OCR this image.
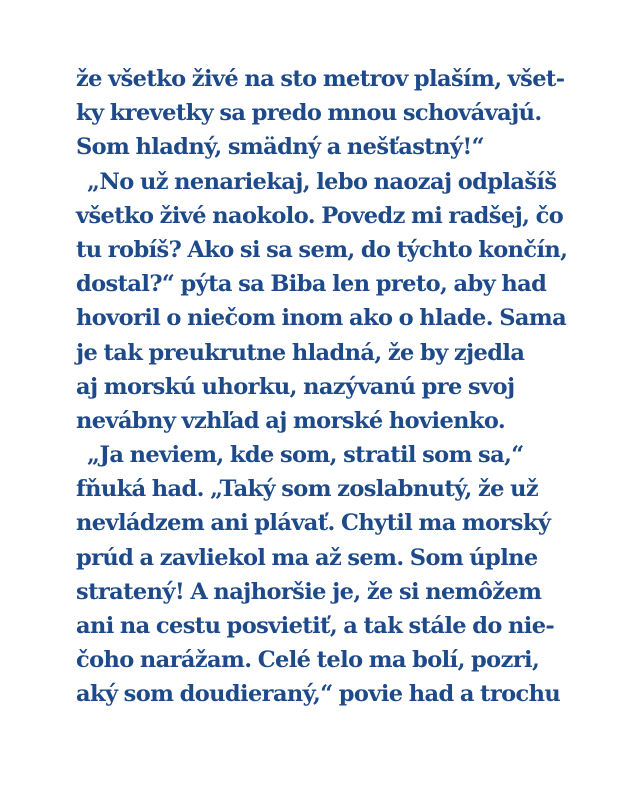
že všetko živé na sto metrov plaším, všet-
ky krevetky sa predo mnou schovávajú.
Som hladný, smädný a nešťastný!“
„No už nenariekaj, lebo naozaj odplašíš
všetko živé naokolo. Povedz mi radšej, čo
tu robíš? Ako si sa sem, do týchto končín,
dostal?“ pýta sa Biba len preto, aby had
hovoril o niečom inom ako o hlade. Sama
je tak preukrutne hladná, že by zjedla
aj morskú uhorku, nazývanú pre svoj
nevábny vzhľad aj morské hovienko.
„Ja neviem, kde som, stratil som sa,“
fňuká had. „Taký som zoslabnutý, že už
nevládzem ani plávať. Chytil ma morský
prúd a zavliekol ma až sem. Som úplne
stratený! A najhoršie je, že si nemôžem
ani na cestu posvietiť, a tak stále do nie-
čoho narážam. Celé telo ma bolí, pozri,
aký som doudieraný,“ povie had a trochu
